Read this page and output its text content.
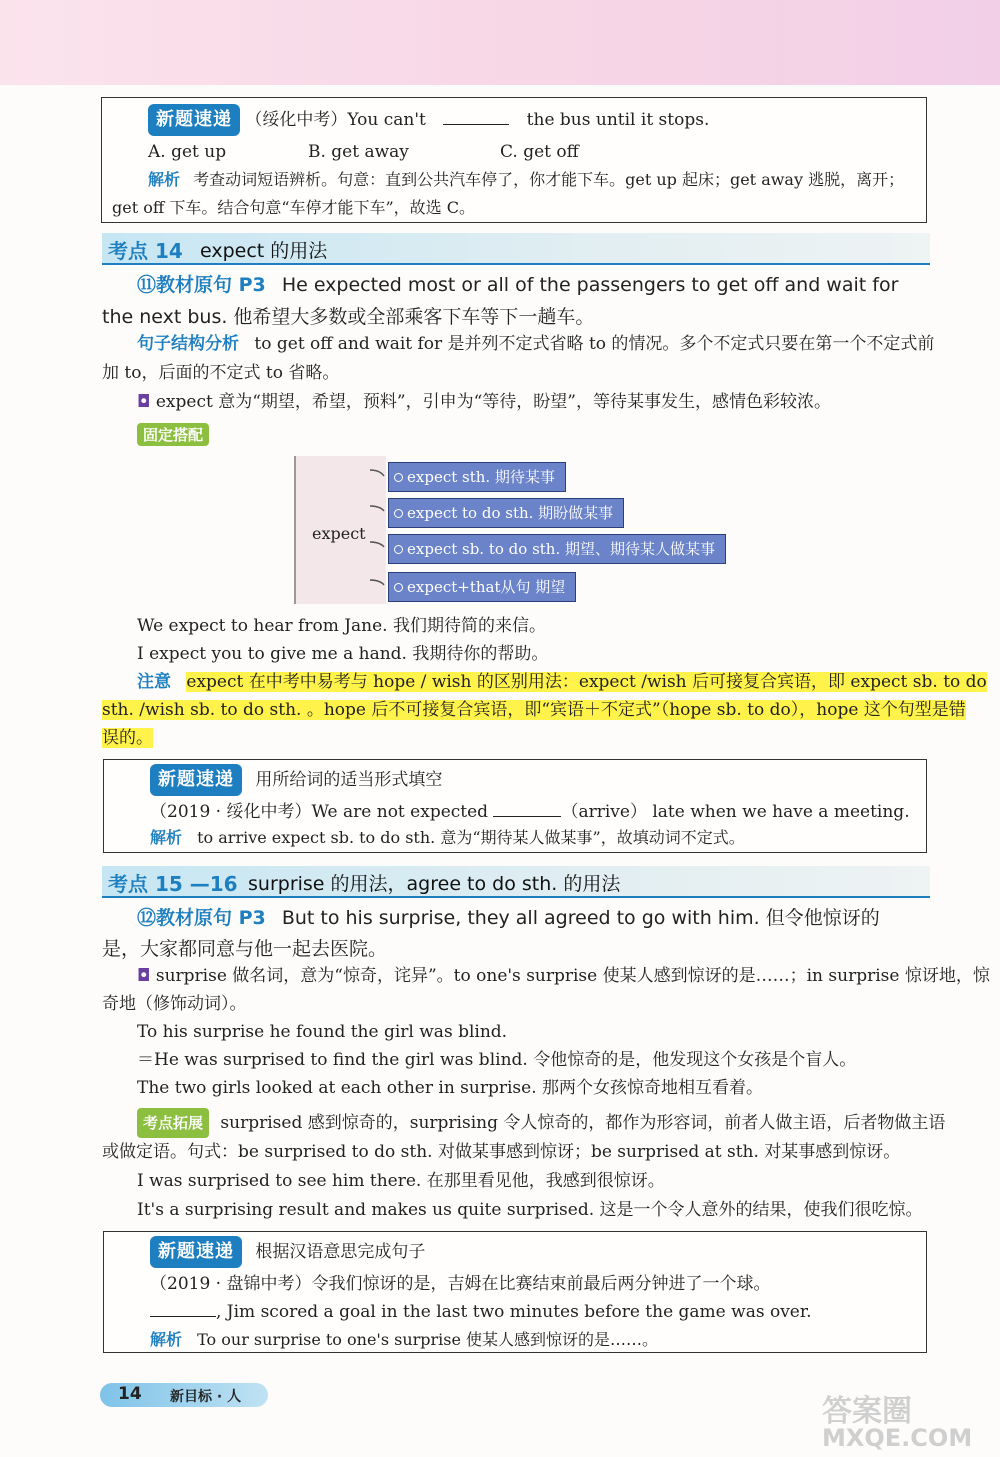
新题速递 （绥化中考）You can't	the bus until it stops.
A. get up	B. get away	C. get off
解析 考查动词短语辨析。句意：直到公共汽车停了，你才能下车。get up 起床；get away 逃脱，离开；
get off 下车。结合句意“车停才能下车”，故选 C。
考点 14 expect 的用法
⑪教材原句 P3 He expected most or all of the passengers to get off and wait for
the next bus. 他希望大多数或全部乘客下车等下一趟车。
句子结构分析 to get off and wait for 是并列不定式省略 to 的情况。多个不定式只要在第一个不定式前
加 to，后面的不定式 to 省略。
◘ expect 意为“期望，希望，预料”，引申为“等待，盼望”，等待某事发生，感情色彩较浓。
固定搭配
expect
expect sth. 期待某事
expect to do sth. 期盼做某事
expect sb. to do sth. 期望、期待某人做某事
expect+that从句 期望
We expect to hear from Jane. 我们期待简的来信。
I expect you to give me a hand. 我期待你的帮助。
注意 expect 在中考中易考与 hope / wish 的区别用法：expect /wish 后可接复合宾语，即 expect sb. to do
sth. /wish sb. to do sth. 。hope 后不可接复合宾语，即“宾语＋不定式”（hope sb. to do），hope 这个句型是错
误的。
新题速递 用所给词的适当形式填空
（2019 · 绥化中考）We are not expected	（arrive） late when we have a meeting.
解析 to arrive expect sb. to do sth. 意为“期待某人做某事”，故填动词不定式。
考点 15 —16 surprise 的用法，agree to do sth. 的用法
⑫教材原句 P3 But to his surprise, they all agreed to go with him. 但令他惊讶的
是，大家都同意与他一起去医院。
◘ surprise 做名词，意为“惊奇，诧异”。to one's surprise 使某人感到惊讶的是……；in surprise 惊讶地，惊
奇地（修饰动词）。
To his surprise he found the girl was blind.
＝He was surprised to find the girl was blind. 令他惊奇的是，他发现这个女孩是个盲人。
The two girls looked at each other in surprise. 那两个女孩惊奇地相互看着。
考点拓展 surprised 感到惊奇的，surprising 令人惊奇的，都作为形容词，前者人做主语，后者物做主语
或做定语。句式：be surprised to do sth. 对做某事感到惊讶；be surprised at sth. 对某事感到惊讶。
I was surprised to see him there. 在那里看见他，我感到很惊讶。
It's a surprising result and makes us quite surprised. 这是一个令人意外的结果，使我们很吃惊。
新题速递 根据汉语意思完成句子
（2019 · 盘锦中考）令我们惊讶的是，吉姆在比赛结束前最后两分钟进了一个球。
, Jim scored a goal in the last two minutes before the game was over.
解析 To our surprise to one's surprise 使某人感到惊讶的是……。
14 新目标 · 人	答案圈
MXQE.COM
